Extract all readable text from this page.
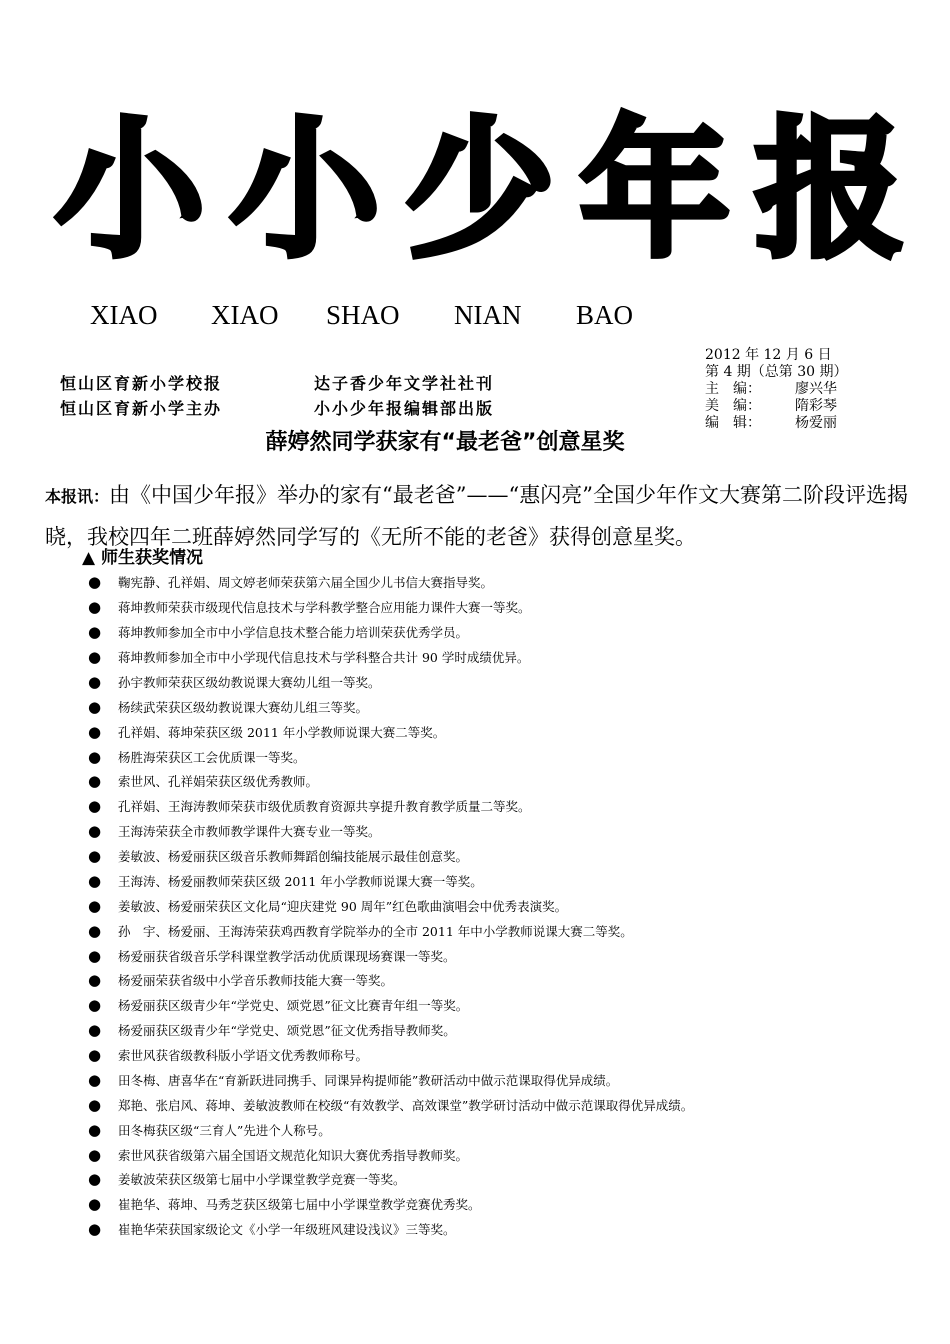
小 小 少 年 报
XIAO XIAO SHAO NIAN BAO
恒山区育新小学校报	达子香少年文学社社刊
恒山区育新小学主办	小小少年报编辑部出版
2012 年 12 月 6 日
第 4 期（总第 30 期）
主　编：	廖兴华
美　编：	隋彩琴
编　辑：	杨爱丽
薛婷然同学获家有“最老爸”创意星奖
本报讯：由《中国少年报》举办的家有“最老爸”——“惠闪亮”全国少年作文大赛第二阶段评选揭晓，我校四年二班薛婷然同学写的《无所不能的老爸》获得创意星奖。
▲ 师生获奖情况
●	鞠宪静、孔祥娟、周文婷老师荣获第六届全国少儿书信大赛指导奖。
●	蒋坤教师荣获市级现代信息技术与学科教学整合应用能力课件大赛一等奖。
●	蒋坤教师参加全市中小学信息技术整合能力培训荣获优秀学员。
●	蒋坤教师参加全市中小学现代信息技术与学科整合共计 90 学时成绩优异。
●	孙宇教师荣获区级幼教说课大赛幼儿组一等奖。
●	杨续武荣获区级幼教说课大赛幼儿组三等奖。
●	孔祥娟、蒋坤荣获区级 2011 年小学教师说课大赛二等奖。
●	杨胜海荣获区工会优质课一等奖。
●	索世风、孔祥娟荣获区级优秀教师。
●	孔祥娟、王海涛教师荣获市级优质教育资源共享提升教育教学质量二等奖。
●	王海涛荣获全市教师教学课件大赛专业一等奖。
●	姜敏波、杨爱丽获区级音乐教师舞蹈创编技能展示最佳创意奖。
●	王海涛、杨爱丽教师荣获区级 2011 年小学教师说课大赛一等奖。
●	姜敏波、杨爱丽荣获区文化局“迎庆建党 90 周年”红色歌曲演唱会中优秀表演奖。
●	孙　宇、杨爱丽、王海涛荣获鸡西教育学院举办的全市 2011 年中小学教师说课大赛二等奖。
●	杨爱丽获省级音乐学科课堂教学活动优质课现场赛课一等奖。
●	杨爱丽荣获省级中小学音乐教师技能大赛一等奖。
●	杨爱丽获区级青少年“学党史、颂党恩”征文比赛青年组一等奖。
●	杨爱丽获区级青少年“学党史、颂党恩”征文优秀指导教师奖。
●	索世风获省级教科版小学语文优秀教师称号。
●	田冬梅、唐喜华在“育新跃进同携手、同课异构提师能”教研活动中做示范课取得优异成绩。
●	郑艳、张启风、蒋坤、姜敏波教师在校级“有效教学、高效课堂”教学研讨活动中做示范课取得优异成绩。
●	田冬梅获区级“三育人”先进个人称号。
●	索世风获省级第六届全国语文规范化知识大赛优秀指导教师奖。
●	姜敏波荣获区级第七届中小学课堂教学竞赛一等奖。
●	崔艳华、蒋坤、马秀芝获区级第七届中小学课堂教学竞赛优秀奖。
●	崔艳华荣获国家级论文《小学一年级班风建设浅议》三等奖。
